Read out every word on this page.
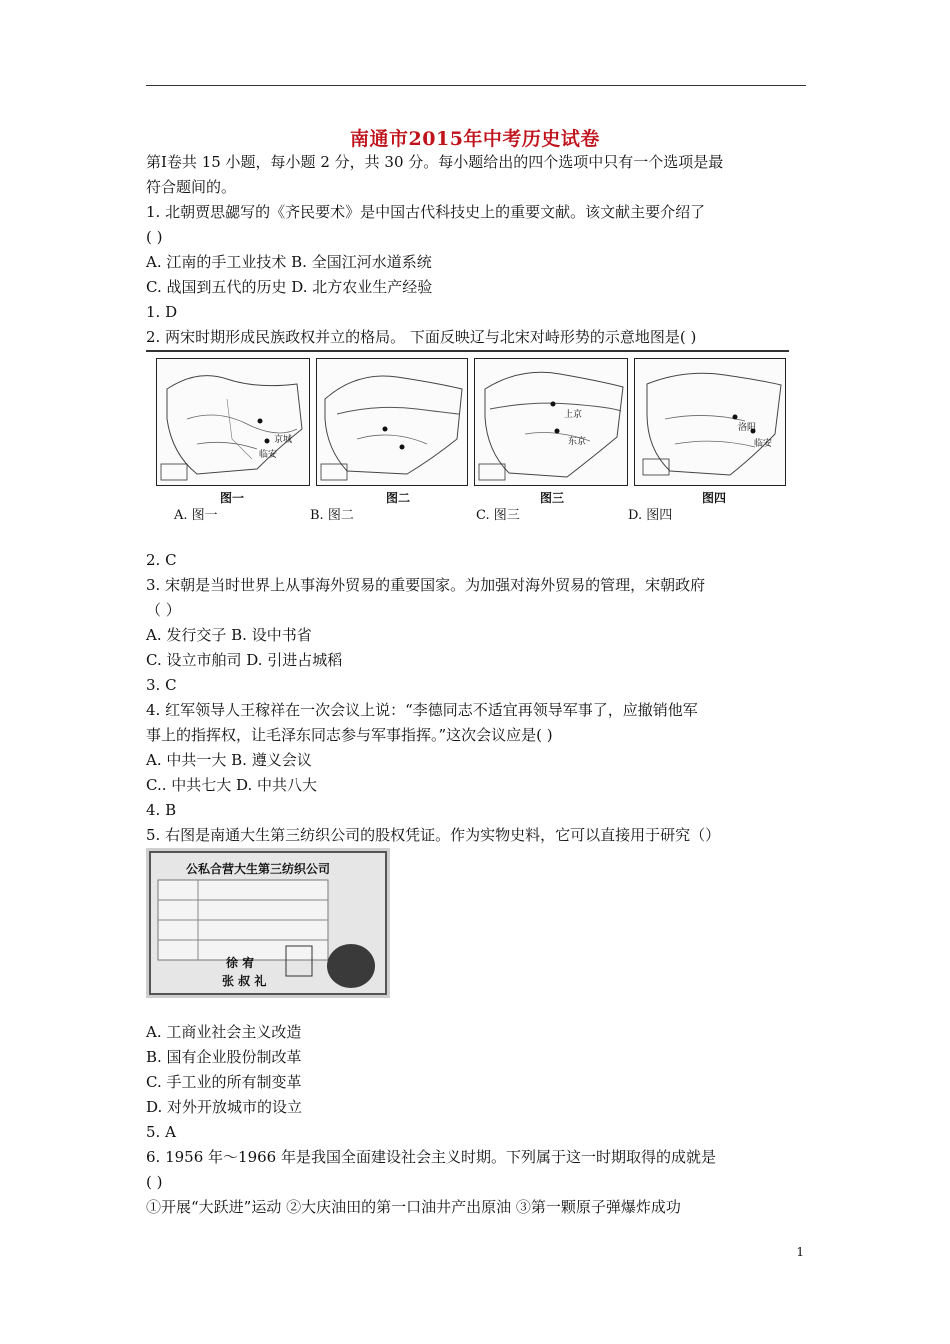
南通市2015年中考历史试卷
第Ⅰ卷共 15 小题，每小题 2 分，共 30 分。每小题给出的四个选项中只有一个选项是最
符合题间的。
1. 北朝贾思勰写的《齐民要术》是中国古代科技史上的重要文献。该文献主要介绍了
( )
A. 江南的手工业技术 B. 全国江河水道系统
C. 战国到五代的历史 D. 北方农业生产经验
1. D
2. 两宋时期形成民族政权并立的格局。 下面反映辽与北宋对峙形势的示意地图是( )
京城
临安
上京
东京
洛阳
临安
图一	图二	图三	图四
A. 图一	B. 图二	C. 图三	D. 图四
2. C
3. 宋朝是当时世界上从事海外贸易的重要国家。为加强对海外贸易的管理，宋朝政府
（ ）
A. 发行交子 B. 设中书省
C. 设立市舶司 D. 引进占城稻
3. C
4. 红军领导人王稼祥在一次会议上说：“李德同志不适宜再领导军事了，应撤销他军
事上的指挥权，让毛泽东同志参与军事指挥。”这次会议应是( )
A. 中共一大 B. 遵义会议
C.. 中共七大 D. 中共八大
4. B
5. 右图是南通大生第三纺织公司的股权凭证。作为实物史料，它可以直接用于研究（）
公私合营大生第三纺织公司
徐 宥
张 叔 礼
A. 工商业社会主义改造
B. 国有企业股份制改革
C. 手工业的所有制变革
D. 对外开放城市的设立
5. A
6. 1956 年～1966 年是我国全面建设社会主义时期。下列属于这一时期取得的成就是
( )
①开展“大跃进”运动 ②大庆油田的第一口油井产出原油 ③第一颗原子弹爆炸成功
1
